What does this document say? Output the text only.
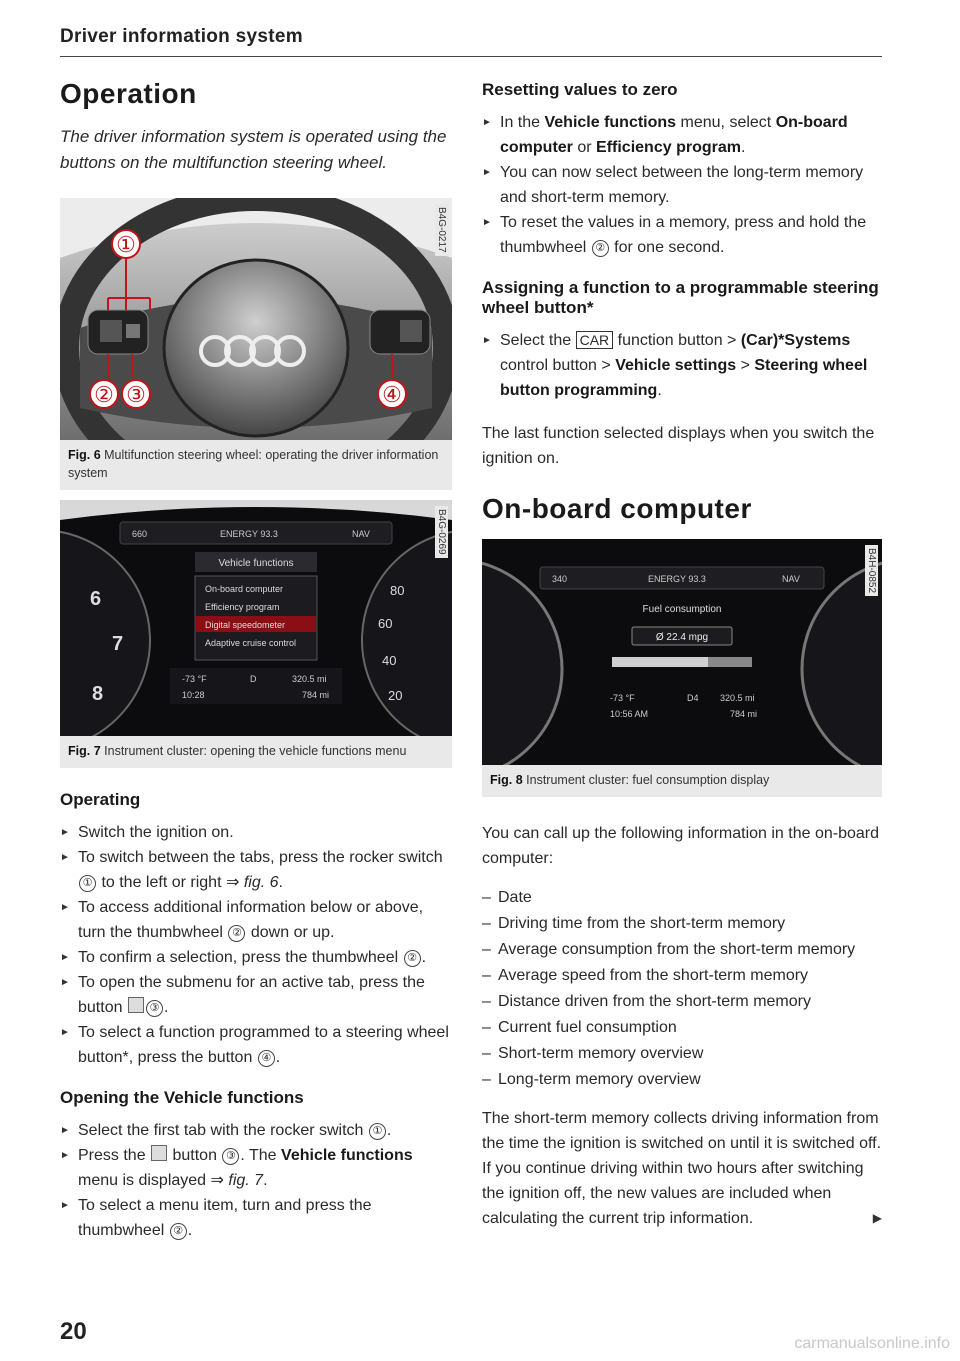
Driver information system
Operation

The driver information system is operated using the buttons on the multifunction steering wheel.

①
② ③	④
B4G-0217
Fig. 6 Multifunction steering wheel: operating the driver information system
6
7
8
80
60
40
20
660	ENERGY 93.3	NAV
Vehicle functions
On-board computer
Efficiency program
Digital speedometer
Adaptive cruise control
-73 °F	D	320.5 mi
10:28	784 mi
B4G-0269
Fig. 7 Instrument cluster: opening the vehicle functions menu
Operating
► Switch the ignition on.
► To switch between the tabs, press the rocker switch ① to the left or right ⇒ fig. 6.
► To access additional information below or above, turn the thumbwheel ② down or up.
► To confirm a selection, press the thumbwheel ② .
► To open the submenu for an active tab, press the button ③ .
► To select a function programmed to a steering wheel button*, press the button ④ .
Opening the Vehicle functions
► Select the first tab with the rocker switch ① .
► Press the  button ③ . The Vehicle functions menu is displayed ⇒ fig. 7.
► To select a menu item, turn and press the thumbwheel ② .
Resetting values to zero
► In the Vehicle functions menu, select On-board computer or Efficiency program.
► You can now select between the long-term memory and short-term memory.
► To reset the values in a memory, press and hold the thumbwheel ② for one second.
Assigning a function to a programmable steering wheel button*
► Select the CAR function button > (Car)*Systems control button > Vehicle settings > Steering wheel button programming.

The last function selected displays when you switch the ignition on.

On-board computer
340	ENERGY 93.3	NAV
Fuel consumption
Ø 22.4 mpg
-73 °F	D4 320.5 mi
10:56 AM	784 mi
B4H-0852
Fig. 8 Instrument cluster: fuel consumption display

You can call up the following information in the on-board computer:

– Date
– Driving time from the short-term memory
– Average consumption from the short-term memory
– Average speed from the short-term memory
– Distance driven from the short-term memory
– Current fuel consumption
– Short-term memory overview
– Long-term memory overview

The short-term memory collects driving information from the time the ignition is switched on until it is switched off. If you continue driving within two hours after switching the ignition off, the new values are included when calculating the current trip information.	▶

20	carmanualsonline.info
